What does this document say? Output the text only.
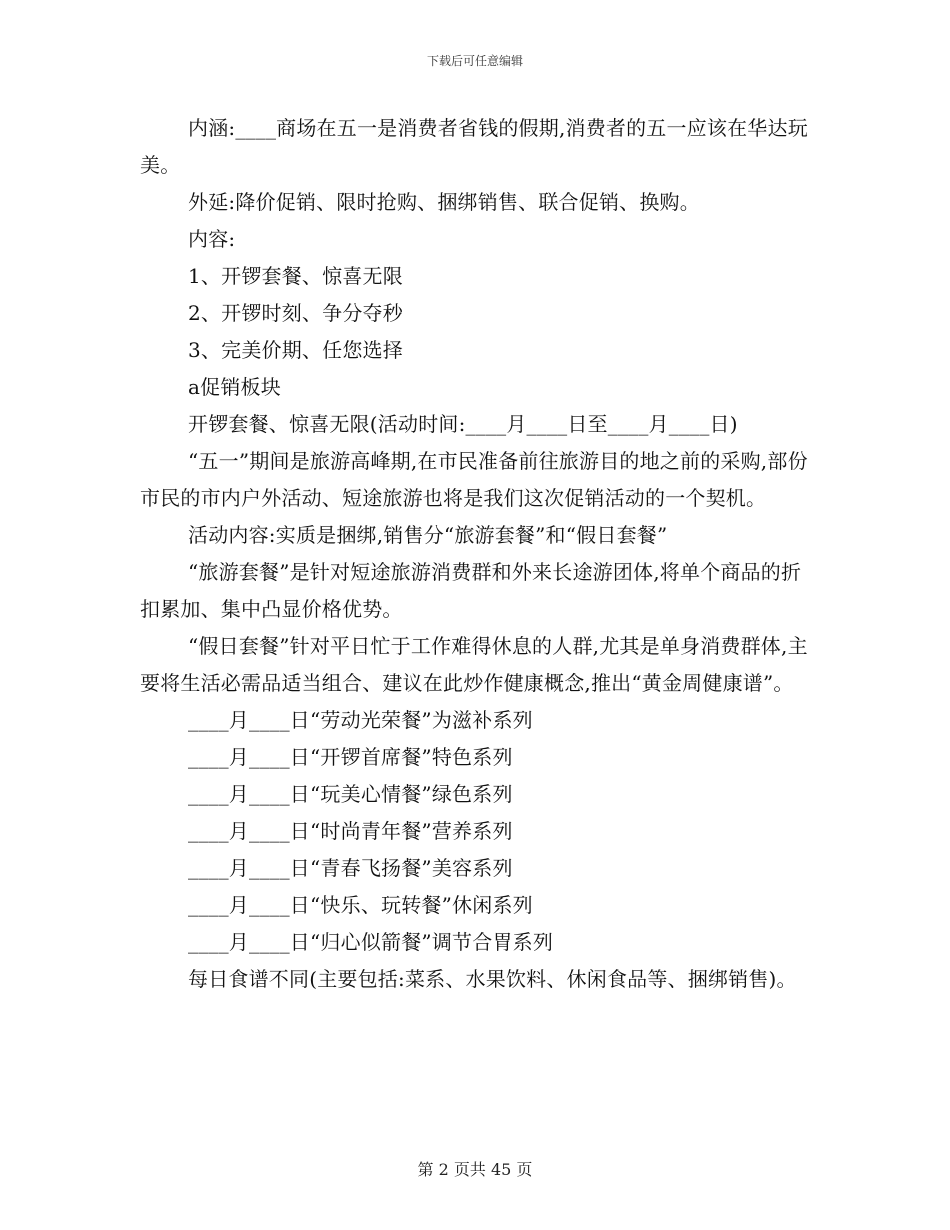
下载后可任意编辑

内涵:____商场在五一是消费者省钱的假期,消费者的五一应该在华达玩美。

外延:降价促销、限时抢购、捆绑销售、联合促销、换购。

内容:

1、开锣套餐、惊喜无限

2、开锣时刻、争分夺秒

3、完美价期、任您选择

a促销板块

开锣套餐、惊喜无限(活动时间:____月____日至____月____日)

“五一”期间是旅游高峰期,在市民准备前往旅游目的地之前的采购,部份市民的市内户外活动、短途旅游也将是我们这次促销活动的一个契机。

活动内容:实质是捆绑,销售分“旅游套餐”和“假日套餐”

“旅游套餐”是针对短途旅游消费群和外来长途游团体,将单个商品的折扣累加、集中凸显价格优势。

“假日套餐”针对平日忙于工作难得休息的人群,尤其是单身消费群体,主要将生活必需品适当组合、建议在此炒作健康概念,推出“黄金周健康谱”。

____月____日“劳动光荣餐”为滋补系列

____月____日“开锣首席餐”特色系列

____月____日“玩美心情餐”绿色系列

____月____日“时尚青年餐”营养系列

____月____日“青春飞扬餐”美容系列

____月____日“快乐、玩转餐”休闲系列

____月____日“归心似箭餐”调节合胃系列

每日食谱不同(主要包括:菜系、水果饮料、休闲食品等、捆绑销售)。

第 2 页共 45 页
